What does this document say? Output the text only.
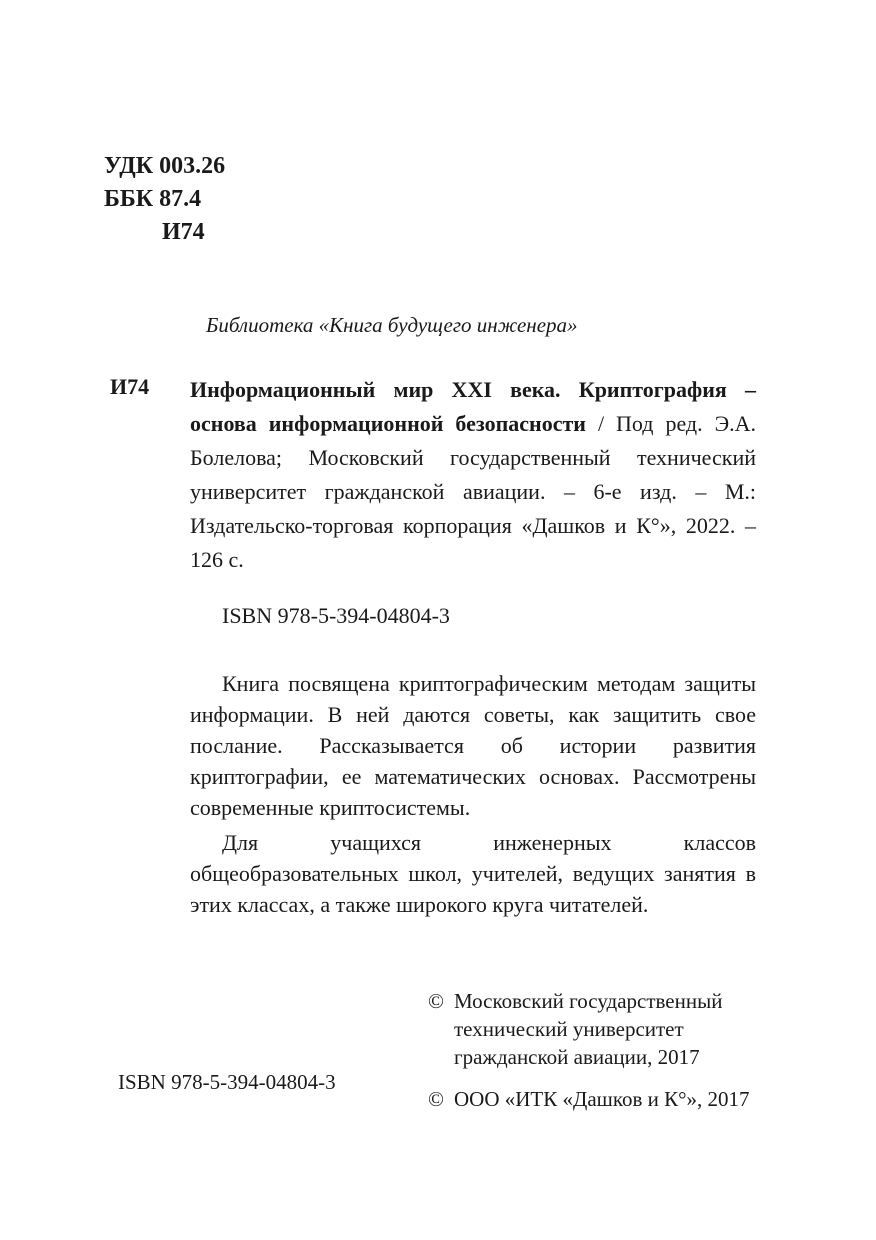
УДК 003.26
ББК 87.4
И74
Библиотека «Книга будущего инженера»
И74 Информационный мир XXI века. Криптография – основа информационной безопасности / Под ред. Э.А. Болелова; Московский государственный технический университет гражданской авиации. – 6-е изд. – М.: Издательско-торговая корпорация «Дашков и К°», 2022. – 126 с.
ISBN 978-5-394-04804-3

Книга посвящена криптографическим методам защиты информации. В ней даются советы, как защитить свое послание. Рассказывается об истории развития криптографии, ее математических основах. Рассмотрены современные криптосистемы.

Для учащихся инженерных классов общеобразовательных школ, учителей, ведущих занятия в этих классах, а также широкого круга читателей.

© Московский государственный
технический университет
гражданской авиации, 2017
© ООО «ИТК «Дашков и К°», 2017
ISBN 978-5-394-04804-3
